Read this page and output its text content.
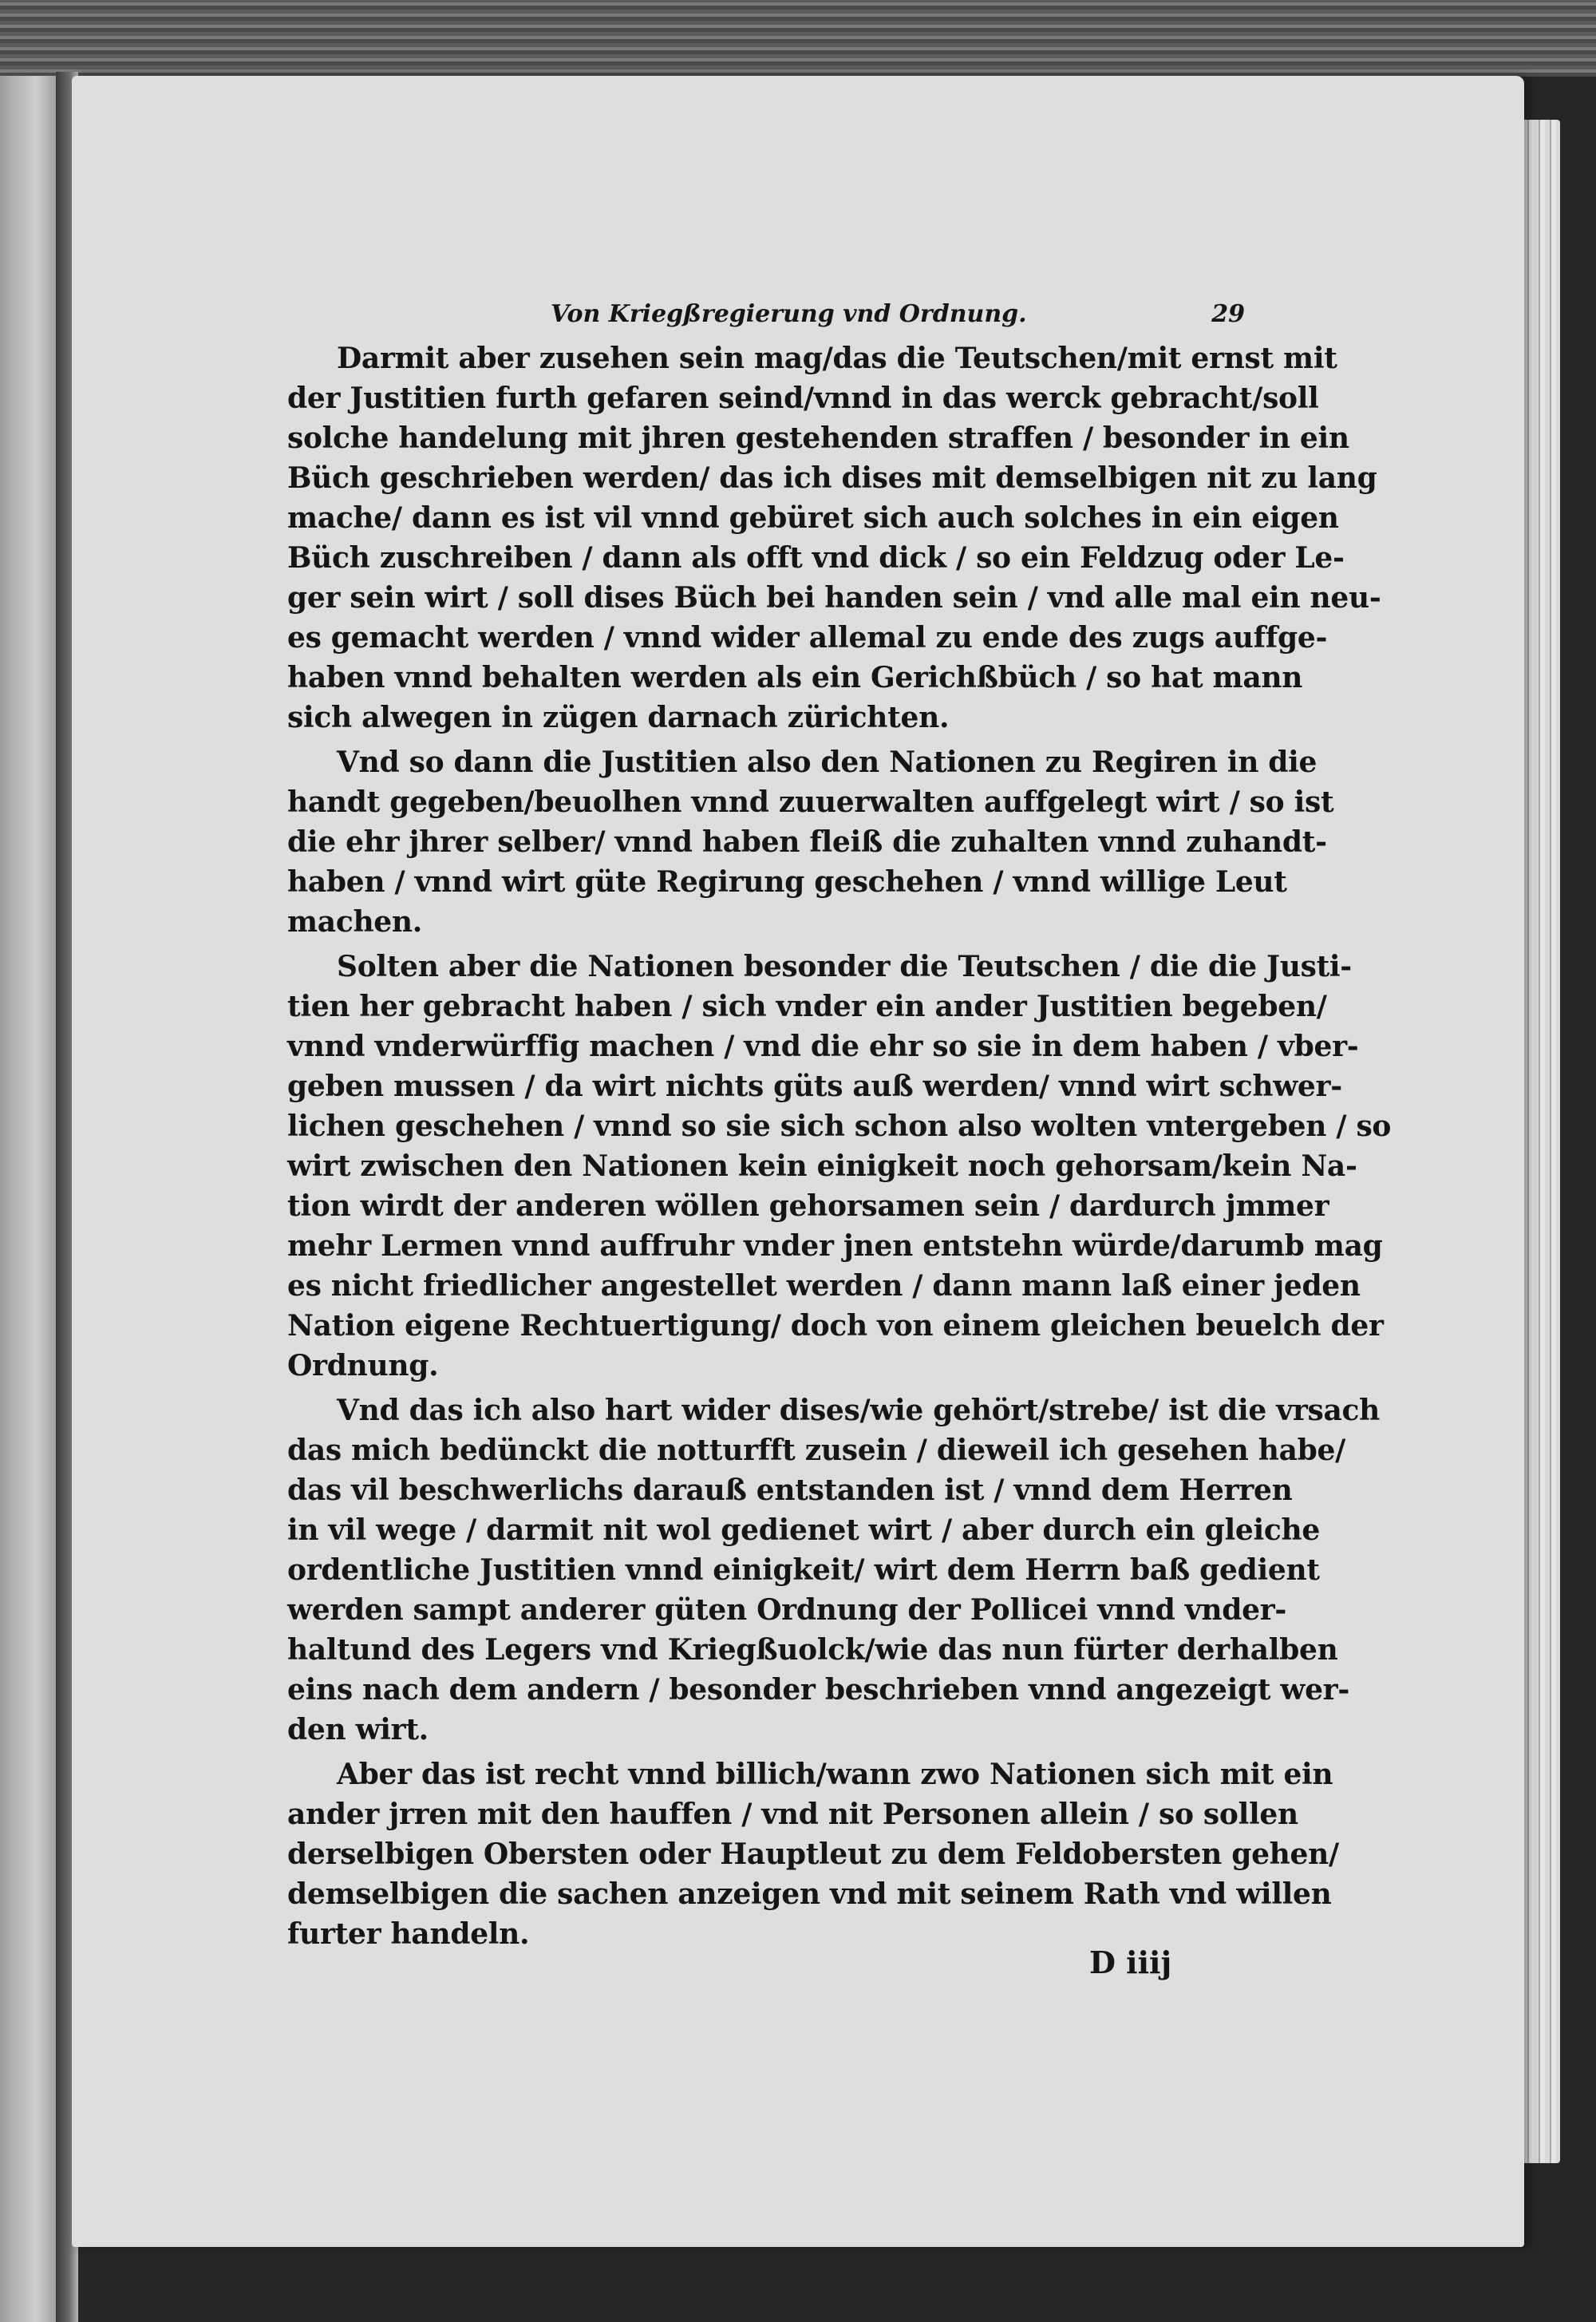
Von Kriegßregierung vnd Ordnung.	29
Darmit aber zusehen sein mag/das die Teutschen/mit ernst mit
der Justitien furth gefaren seind/vnnd in das werck gebracht/soll
solche handelung mit jhren gestehenden straffen / besonder in ein
Büch geschrieben werden/ das ich dises mit demselbigen nit zu lang
mache/ dann es ist vil vnnd gebüret sich auch solches in ein eigen
Büch zuschreiben / dann als offt vnd dick / so ein Feldzug oder Le-
ger sein wirt / soll dises Büch bei handen sein / vnd alle mal ein neu-
es gemacht werden / vnnd wider allemal zu ende des zugs auffge-
haben vnnd behalten werden als ein Gerichßbüch / so hat mann
sich alwegen in zügen darnach zürichten.
Vnd so dann die Justitien also den Nationen zu Regiren in die
handt gegeben/beuolhen vnnd zuuerwalten auffgelegt wirt / so ist
die ehr jhrer selber/ vnnd haben fleiß die zuhalten vnnd zuhandt-
haben / vnnd wirt güte Regirung geschehen / vnnd willige Leut
machen.
Solten aber die Nationen besonder die Teutschen / die die Justi-
tien her gebracht haben / sich vnder ein ander Justitien begeben/
vnnd vnderwürffig machen / vnd die ehr so sie in dem haben / vber-
geben mussen / da wirt nichts güts auß werden/ vnnd wirt schwer-
lichen geschehen / vnnd so sie sich schon also wolten vntergeben / so
wirt zwischen den Nationen kein einigkeit noch gehorsam/kein Na-
tion wirdt der anderen wöllen gehorsamen sein / dardurch jmmer
mehr Lermen vnnd auffruhr vnder jnen entstehn würde/darumb mag
es nicht friedlicher angestellet werden / dann mann laß einer jeden
Nation eigene Rechtuertigung/ doch von einem gleichen beuelch der
Ordnung.
Vnd das ich also hart wider dises/wie gehört/strebe/ ist die vrsach
das mich bedünckt die notturfft zusein / dieweil ich gesehen habe/
das vil beschwerlichs darauß entstanden ist / vnnd dem Herren
in vil wege / darmit nit wol gedienet wirt / aber durch ein gleiche
ordentliche Justitien vnnd einigkeit/ wirt dem Herrn baß gedient
werden sampt anderer güten Ordnung der Pollicei vnnd vnder-
haltund des Legers vnd Kriegßuolck/wie das nun fürter derhalben
eins nach dem andern / besonder beschrieben vnnd angezeigt wer-
den wirt.
Aber das ist recht vnnd billich/wann zwo Nationen sich mit ein
ander jrren mit den hauffen / vnd nit Personen allein / so sollen
derselbigen Obersten oder Hauptleut zu dem Feldobersten gehen/
demselbigen die sachen anzeigen vnd mit seinem Rath vnd willen
furter handeln.
D iiij
